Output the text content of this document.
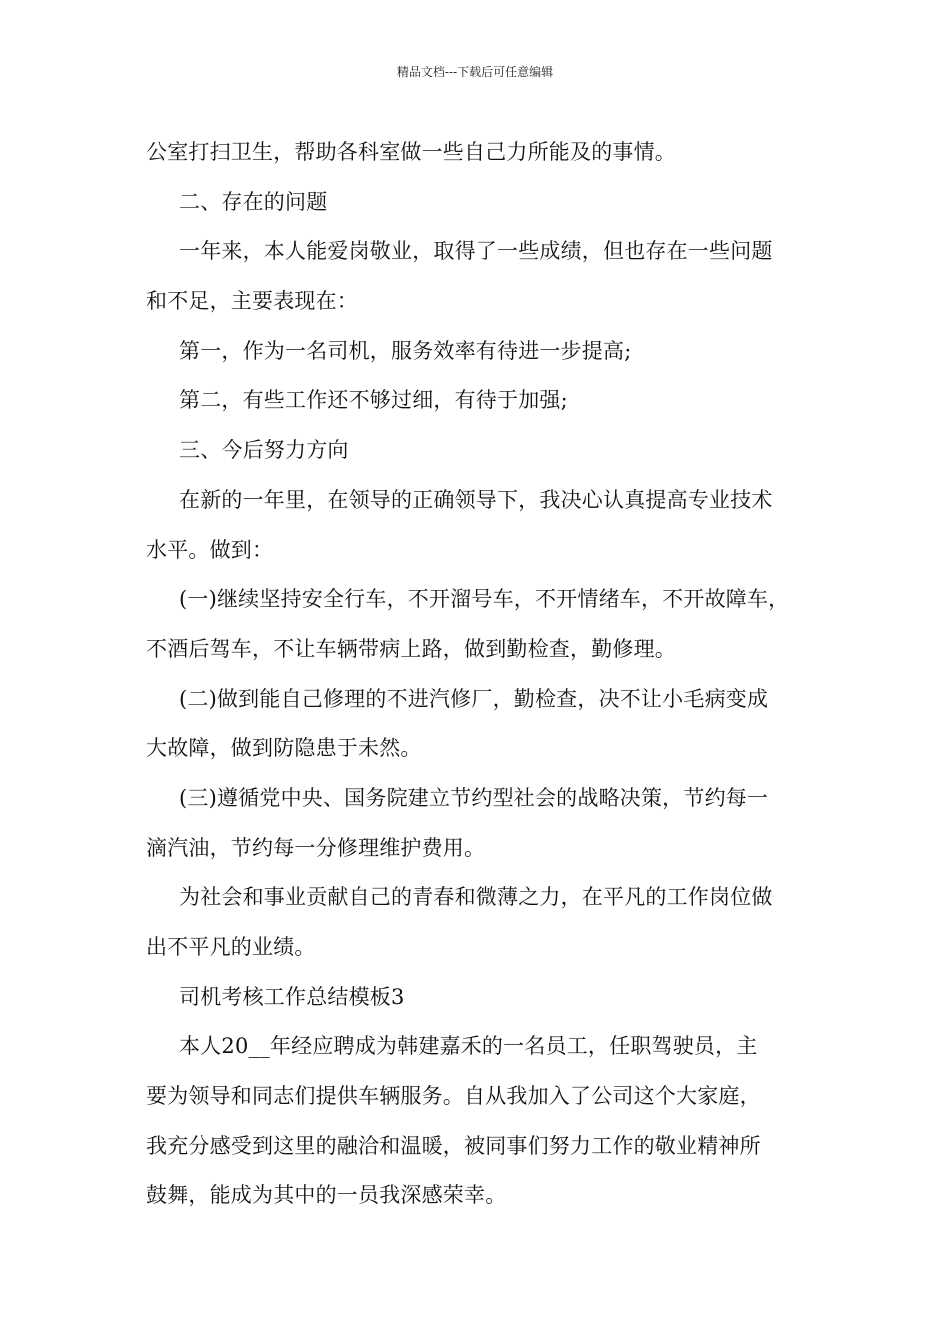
精品文档---下载后可任意编辑
公室打扫卫生，帮助各科室做一些自己力所能及的事情。
二、存在的问题
一年来，本人能爱岗敬业，取得了一些成绩，但也存在一些问题
和不足，主要表现在：
第一，作为一名司机，服务效率有待进一步提高;
第二，有些工作还不够过细，有待于加强;
三、今后努力方向
在新的一年里，在领导的正确领导下，我决心认真提高专业技术
水平。做到：
(一)继续坚持安全行车，不开溜号车，不开情绪车，不开故障车，
不酒后驾车，不让车辆带病上路，做到勤检查，勤修理。
(二)做到能自己修理的不进汽修厂，勤检查，决不让小毛病变成
大故障，做到防隐患于未然。
(三)遵循党中央、国务院建立节约型社会的战略决策，节约每一
滴汽油，节约每一分修理维护费用。
为社会和事业贡献自己的青春和微薄之力，在平凡的工作岗位做
出不平凡的业绩。
司机考核工作总结模板3
本人20__年经应聘成为韩建嘉禾的一名员工，任职驾驶员，主
要为领导和同志们提供车辆服务。自从我加入了公司这个大家庭，
我充分感受到这里的融洽和温暖，被同事们努力工作的敬业精神所
鼓舞，能成为其中的一员我深感荣幸。
